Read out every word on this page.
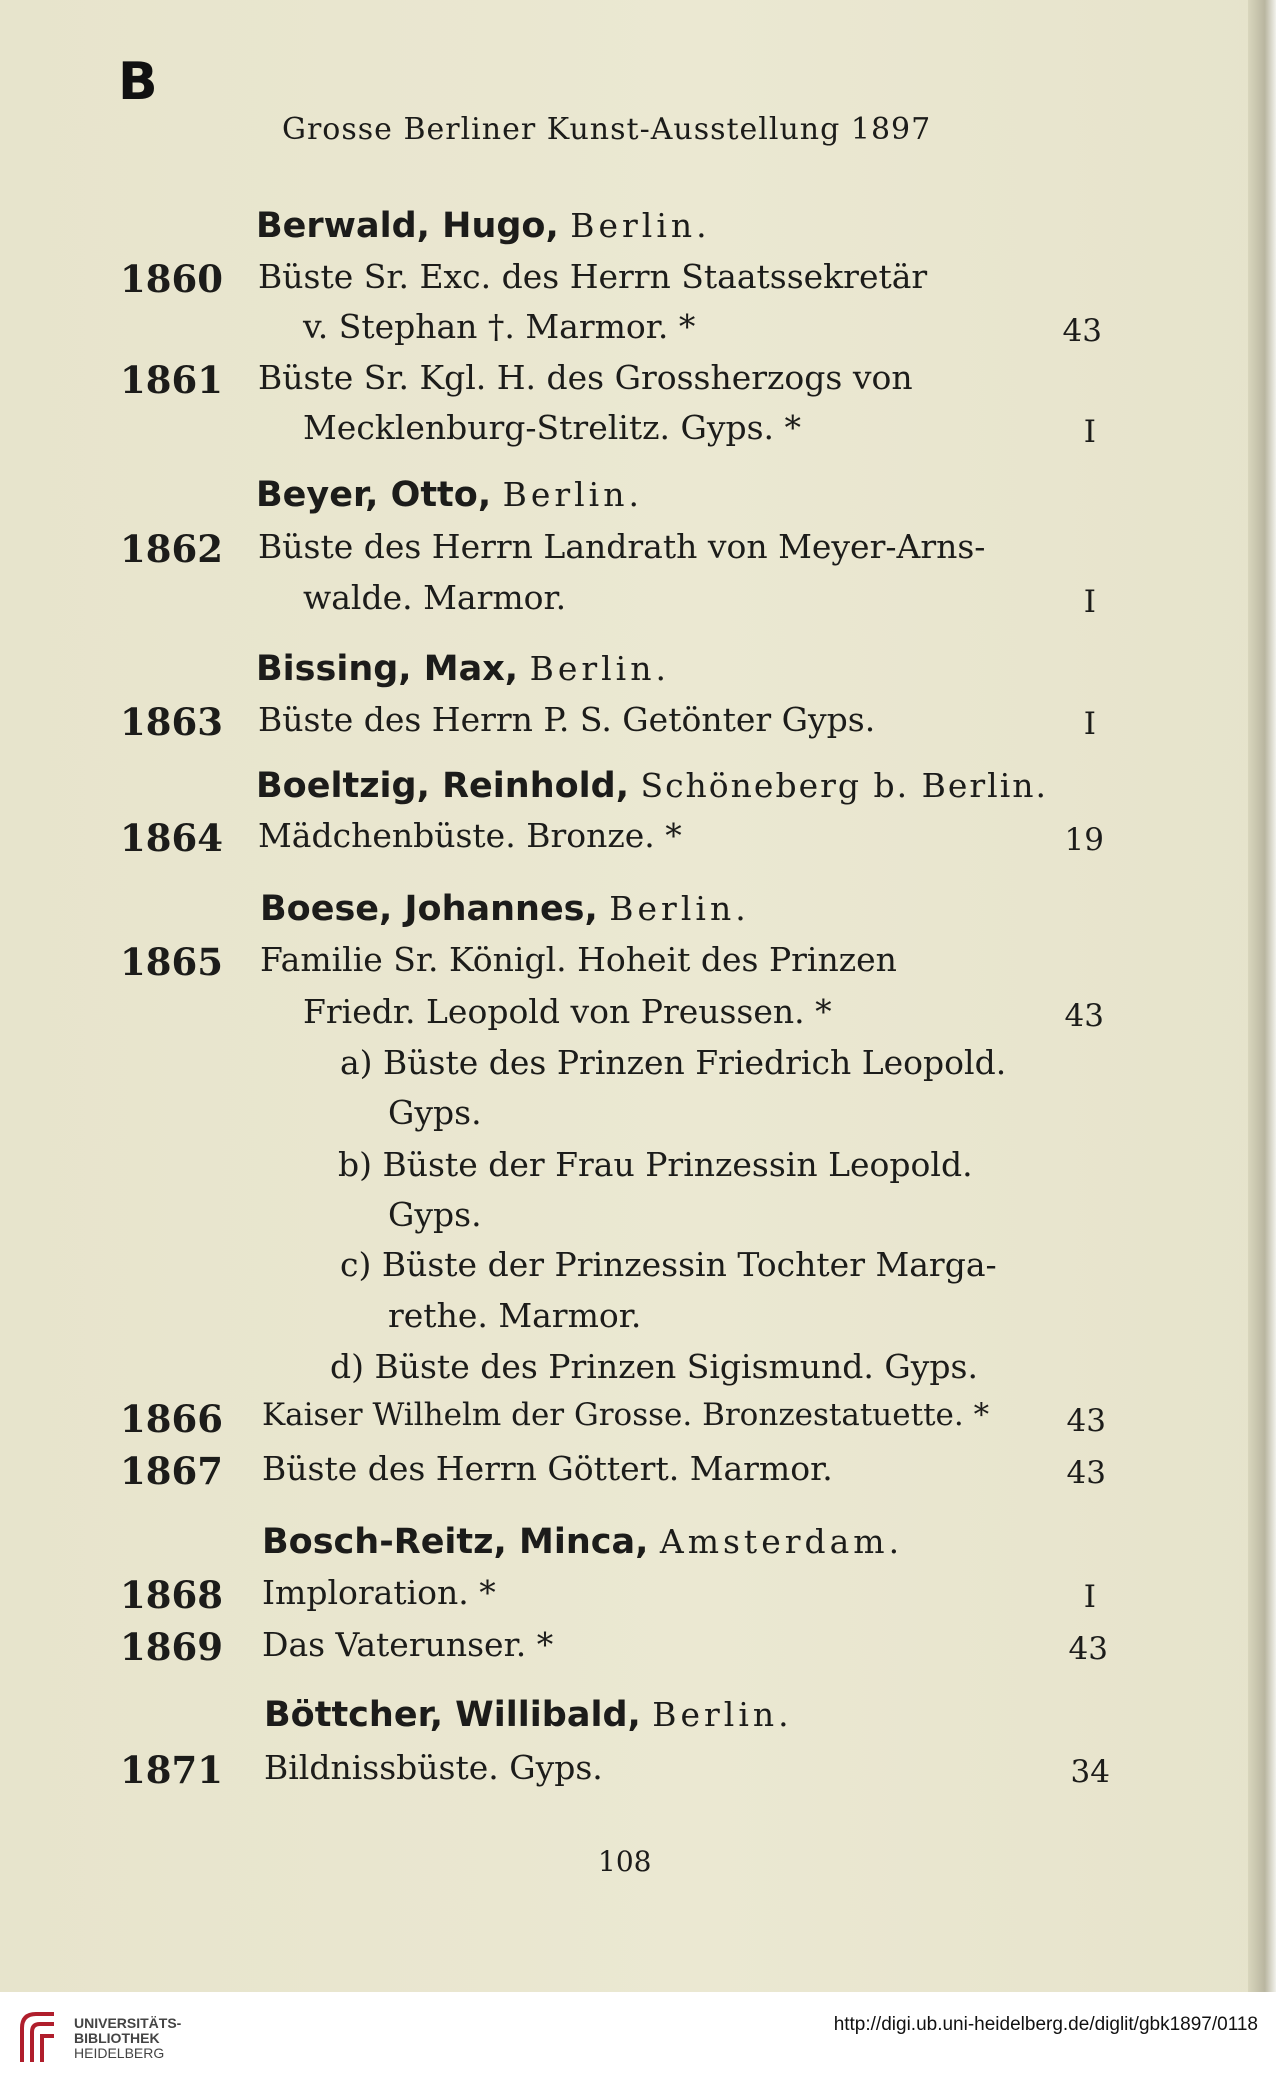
B
Grosse Berliner Kunst-Ausstellung 1897
Berwald, Hugo, Berlin.
1860 Büste Sr. Exc. des Herrn Staatssekretär
v. Stephan †. Marmor. *	43
1861 Büste Sr. Kgl. H. des Grossherzogs von
Mecklenburg-Strelitz. Gyps. *	I
Beyer, Otto, Berlin.
1862 Büste des Herrn Landrath von Meyer-Arns-
walde. Marmor.	I
Bissing, Max, Berlin.
1863 Büste des Herrn P. S. Getönter Gyps.	I
Boeltzig, Reinhold, Schöneberg b. Berlin.
1864 Mädchenbüste. Bronze. *	19
Boese, Johannes, Berlin.
1865 Familie Sr. Königl. Hoheit des Prinzen
Friedr. Leopold von Preussen. *	43
a) Büste des Prinzen Friedrich Leopold.
Gyps.
b) Büste der Frau Prinzessin Leopold.
Gyps.
c) Büste der Prinzessin Tochter Marga-
rethe. Marmor.
d) Büste des Prinzen Sigismund. Gyps.
1866 Kaiser Wilhelm der Grosse. Bronzestatuette. *	43
1867 Büste des Herrn Göttert. Marmor.	43
Bosch-Reitz, Minca, Amsterdam.
1868 Imploration. *	I
1869 Das Vaterunser. *	43
Böttcher, Willibald, Berlin.
1871 Bildnissbüste. Gyps.	34
108
UNIVERSITÄTS-
BIBLIOTHEK
HEIDELBERG
http://digi.ub.uni-heidelberg.de/diglit/gbk1897/0118
